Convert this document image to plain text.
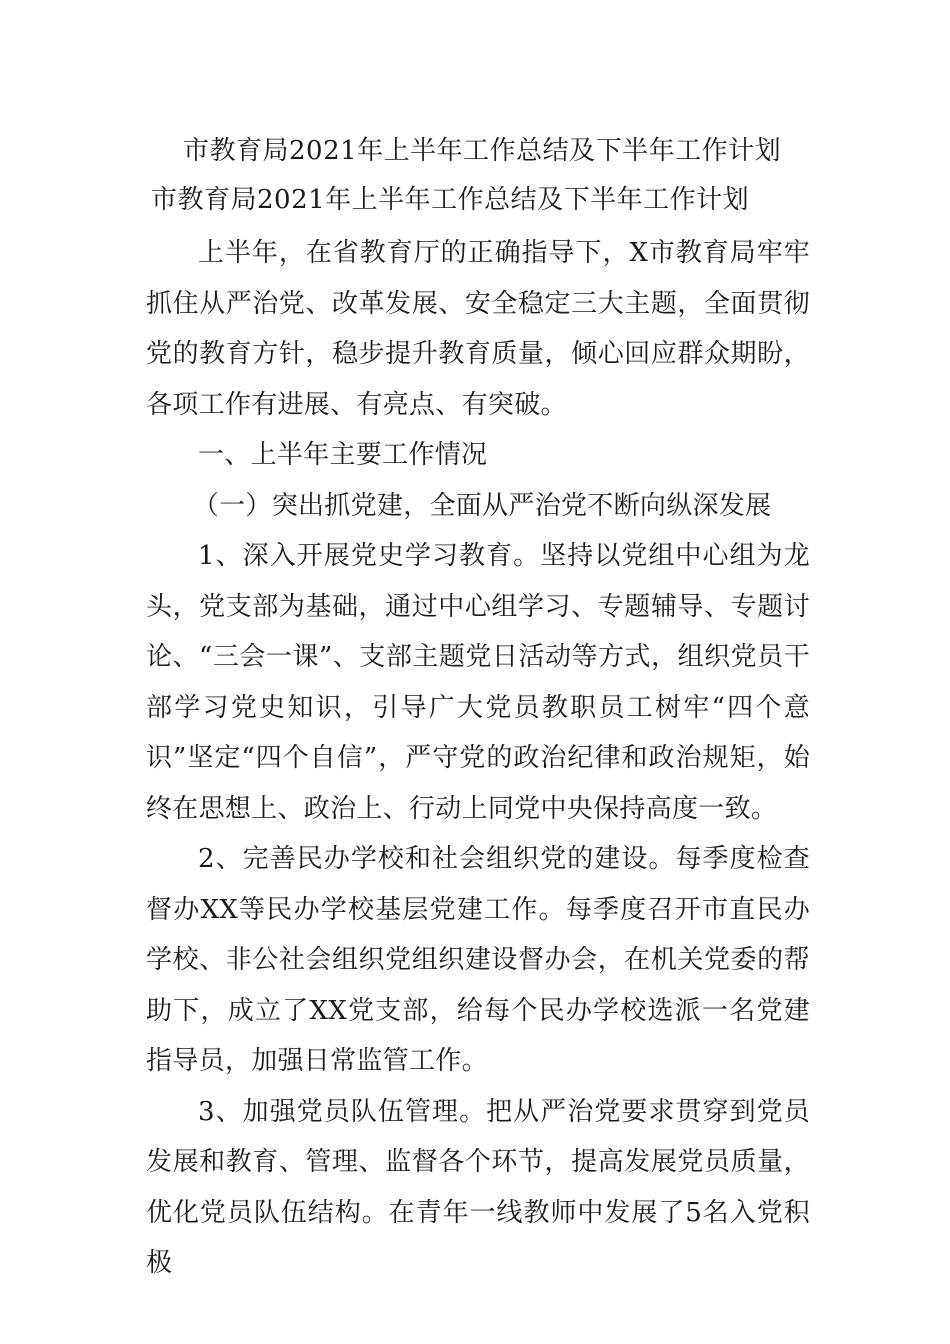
市教育局2021年上半年工作总结及下半年工作计划
市教育局2021年上半年工作总结及下半年工作计划

上半年，在省教育厅的正确指导下，X市教育局牢牢抓住从严治党、改革发展、安全稳定三大主题，全面贯彻党的教育方针，稳步提升教育质量，倾心回应群众期盼，各项工作有进展、有亮点、有突破。

一、上半年主要工作情况

（一）突出抓党建，全面从严治党不断向纵深发展

1、深入开展党史学习教育。坚持以党组中心组为龙头，党支部为基础，通过中心组学习、专题辅导、专题讨论、“三会一课”、支部主题党日活动等方式，组织党员干部学习党史知识，引导广大党员教职员工树牢“四个意识”坚定“四个自信”，严守党的政治纪律和政治规矩，始终在思想上、政治上、行动上同党中央保持高度一致。

2、完善民办学校和社会组织党的建设。每季度检查督办XX等民办学校基层党建工作。每季度召开市直民办学校、非公社会组织党组织建设督办会，在机关党委的帮助下，成立了XX党支部，给每个民办学校选派一名党建指导员，加强日常监管工作。

3、加强党员队伍管理。把从严治党要求贯穿到党员发展和教育、管理、监督各个环节，提高发展党员质量，优化党员队伍结构。在青年一线教师中发展了5名入党积极
